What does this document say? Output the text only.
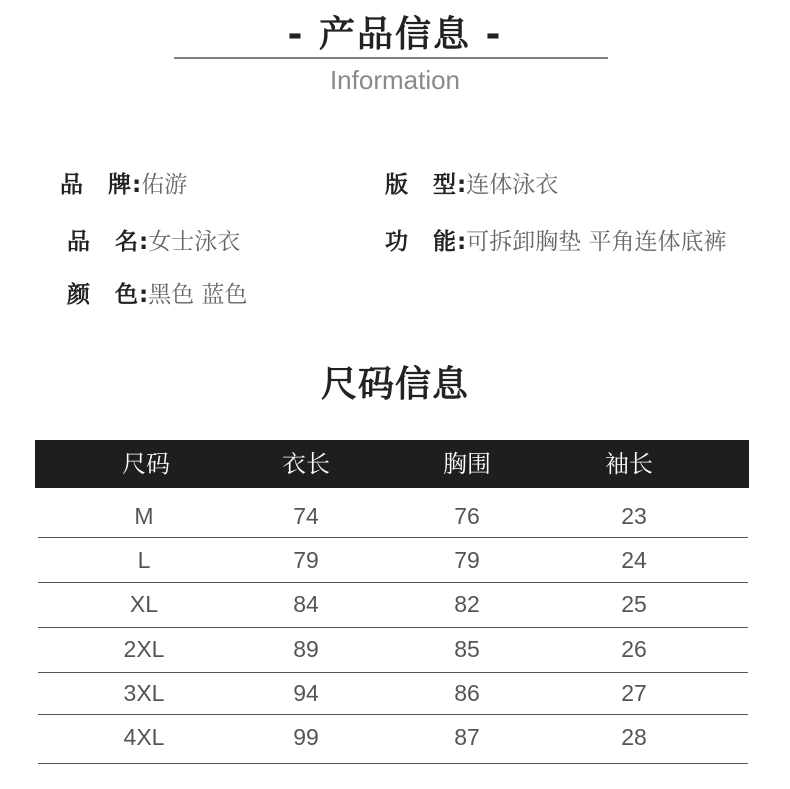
- 产品信息 -
Information
品　牌:佑游	版　型:连体泳衣
品　名:女士泳衣	功　能:可拆卸胸垫 平角连体底裤
颜　色:黑色 蓝色
尺码信息
尺码	衣长	胸围	袖长
M	74	76	23
L	79	79	24
XL	84	82	25
2XL	89	85	26
3XL	94	86	27
4XL	99	87	28
